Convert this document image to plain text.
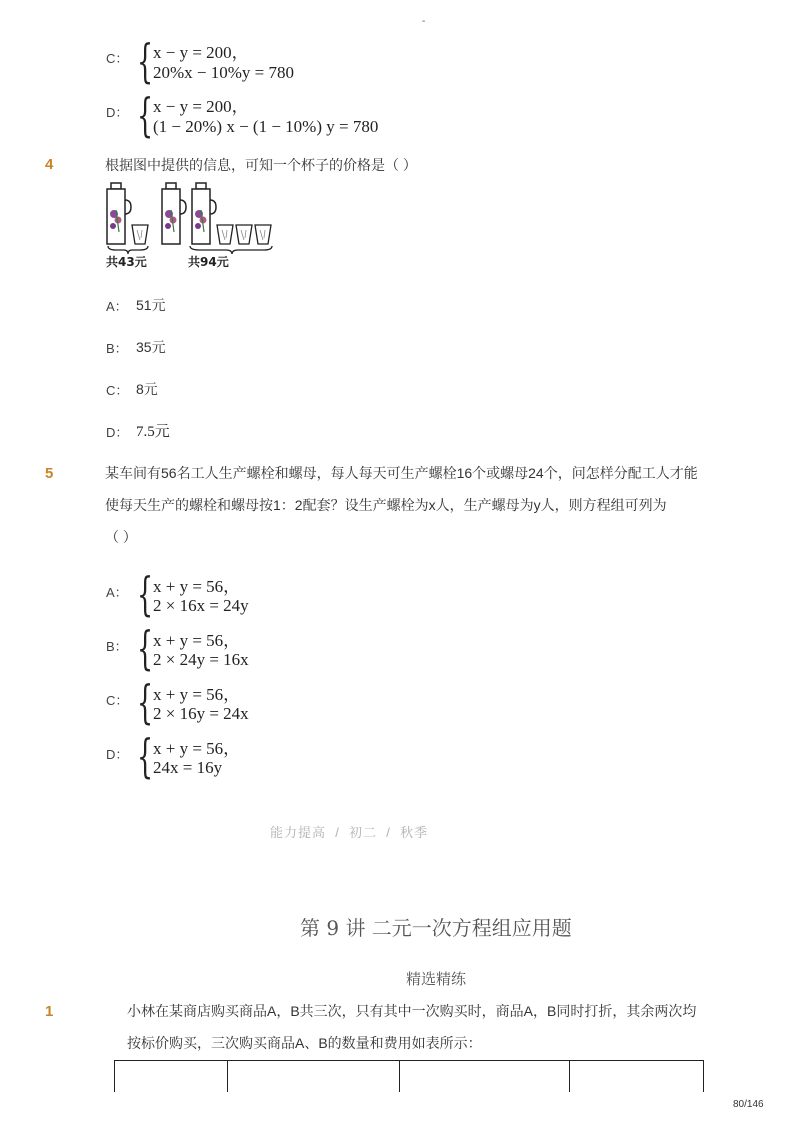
-
C： { x − y = 200，
20%x − 10%y = 780
D： { x − y = 200，
(1 − 20%) x − (1 − 10%) y = 780
4	根据图中提供的信息，可知一个杯子的价格是（ ）
共43元	共94元
A： 51元
B： 35元
C： 8元
D： 7.5元
5	某车间有56名工人生产螺栓和螺母，每人每天可生产螺栓16个或螺母24个，问怎样分配工人才能
使每天生产的螺栓和螺母按1：2配套？设生产螺栓为x人，生产螺母为y人，则方程组可列为
（ ）
A： { x + y = 56，
2 × 16x = 24y
B： { x + y = 56，
2 × 24y = 16x
C： { x + y = 56，
2 × 16y = 24x
D： { x + y = 56，
24x = 16y
能力提高  /  初二  /  秋季
第 9 讲 二元一次方程组应用题
精选精练
1	小林在某商店购买商品A，B共三次，只有其中一次购买时，商品A，B同时打折，其余两次均
按标价购买，三次购买商品A、B的数量和费用如表所示：

80/146
